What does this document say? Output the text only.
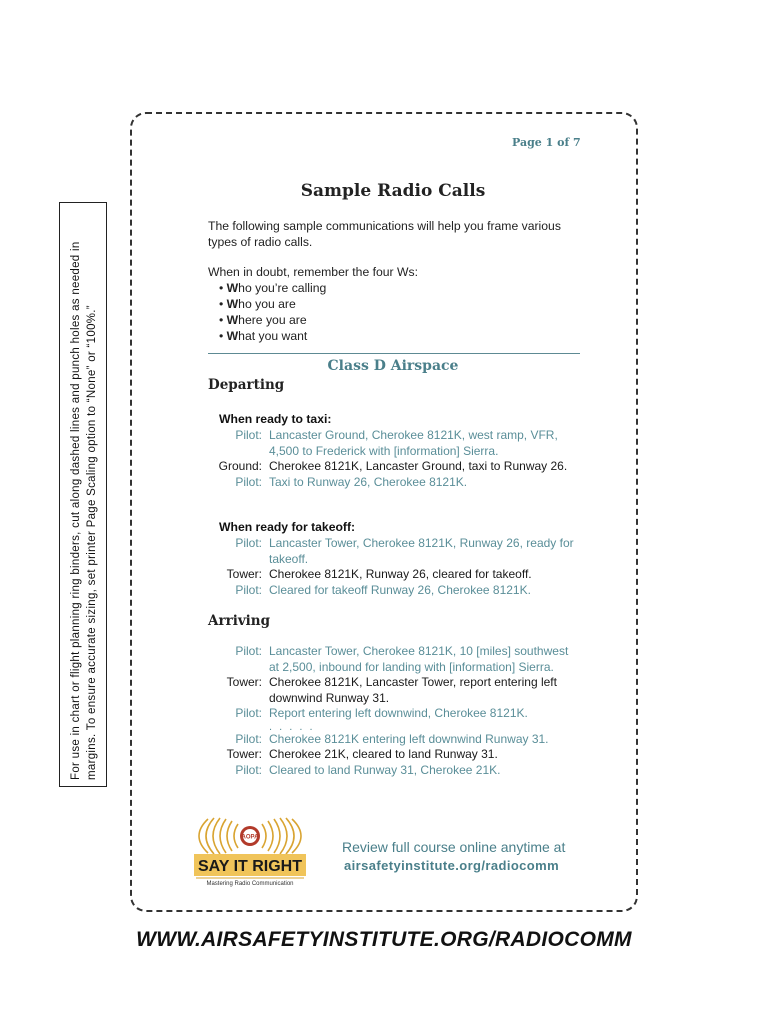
For use in chart or flight planning ring binders, cut along dashed lines and punch holes as needed in margins. To ensure accurate sizing, set printer Page Scaling option to “None” or “100%.”
Page 1 of 7
Sample Radio Calls

The following sample communications will help you frame various types of radio calls.

When in doubt, remember the four Ws:

• Who you’re calling
• Who you are
• Where you are
• What you want
Class D Airspace
Departing
When ready to taxi:
Pilot: Lancaster Ground, Cherokee 8121K, west ramp, VFR, 4,500 to Frederick with [information] Sierra.
Ground: Cherokee 8121K, Lancaster Ground, taxi to Runway 26.
Pilot: Taxi to Runway 26, Cherokee 8121K.
When ready for takeoff:
Pilot: Lancaster Tower, Cherokee 8121K, Runway 26, ready for takeoff.
Tower: Cherokee 8121K, Runway 26, cleared for takeoff.
Pilot: Cleared for takeoff Runway 26, Cherokee 8121K.
Arriving
Pilot: Lancaster Tower, Cherokee 8121K, 10 [miles] southwest at 2,500, inbound for landing with [information] Sierra.
Tower: Cherokee 8121K, Lancaster Tower, report entering left downwind Runway 31.
Pilot: Report entering left downwind, Cherokee 8121K.
. . . . .
Pilot: Cherokee 8121K entering left downwind Runway 31.
Tower: Cherokee 21K, cleared to land Runway 31.
Pilot: Cleared to land Runway 31, Cherokee 21K.
AOPA
SAY IT RIGHT
Mastering Radio Communication
Review full course online anytime at
airsafetyinstitute.org/radiocomm
WWW.AIRSAFETYINSTITUTE.ORG/RADIOCOMM
